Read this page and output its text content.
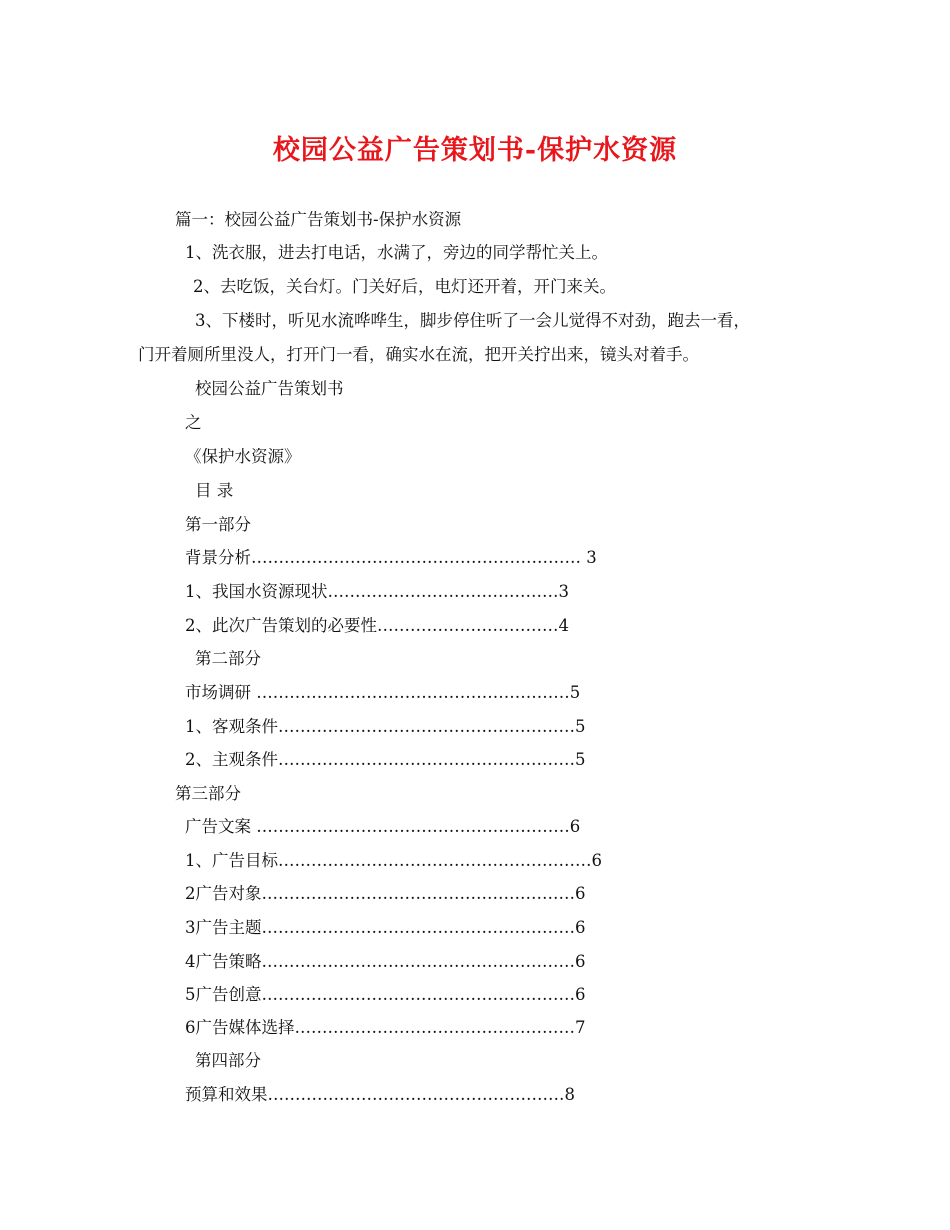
校园公益广告策划书-保护水资源
篇一：校园公益广告策划书-保护水资源
1、洗衣服，进去打电话，水满了，旁边的同学帮忙关上。
2、去吃饭，关台灯。门关好后，电灯还开着，开门来关。
3、下楼时，听见水流哗哗生，脚步停住听了一会儿觉得不对劲，跑去一看，
门开着厕所里没人，打开门一看，确实水在流，把开关拧出来，镜头对着手。
校园公益广告策划书
之
《保护水资源》
目 录
第一部分
背景分析…………………………………………………… 3
1、我国水资源现状……………………………………3
2、此次广告策划的必要性……………………………4
第二部分
市场调研 …………………………………………………5
1、客观条件………………………………………………5
2、主观条件………………………………………………5
第三部分
广告文案 …………………………………………………6
1、广告目标…………………………………………………6
2广告对象…………………………………………………6
3广告主题…………………………………………………6
4广告策略…………………………………………………6
5广告创意…………………………………………………6
6广告媒体选择……………………………………………7
第四部分
预算和效果………………………………………………8
